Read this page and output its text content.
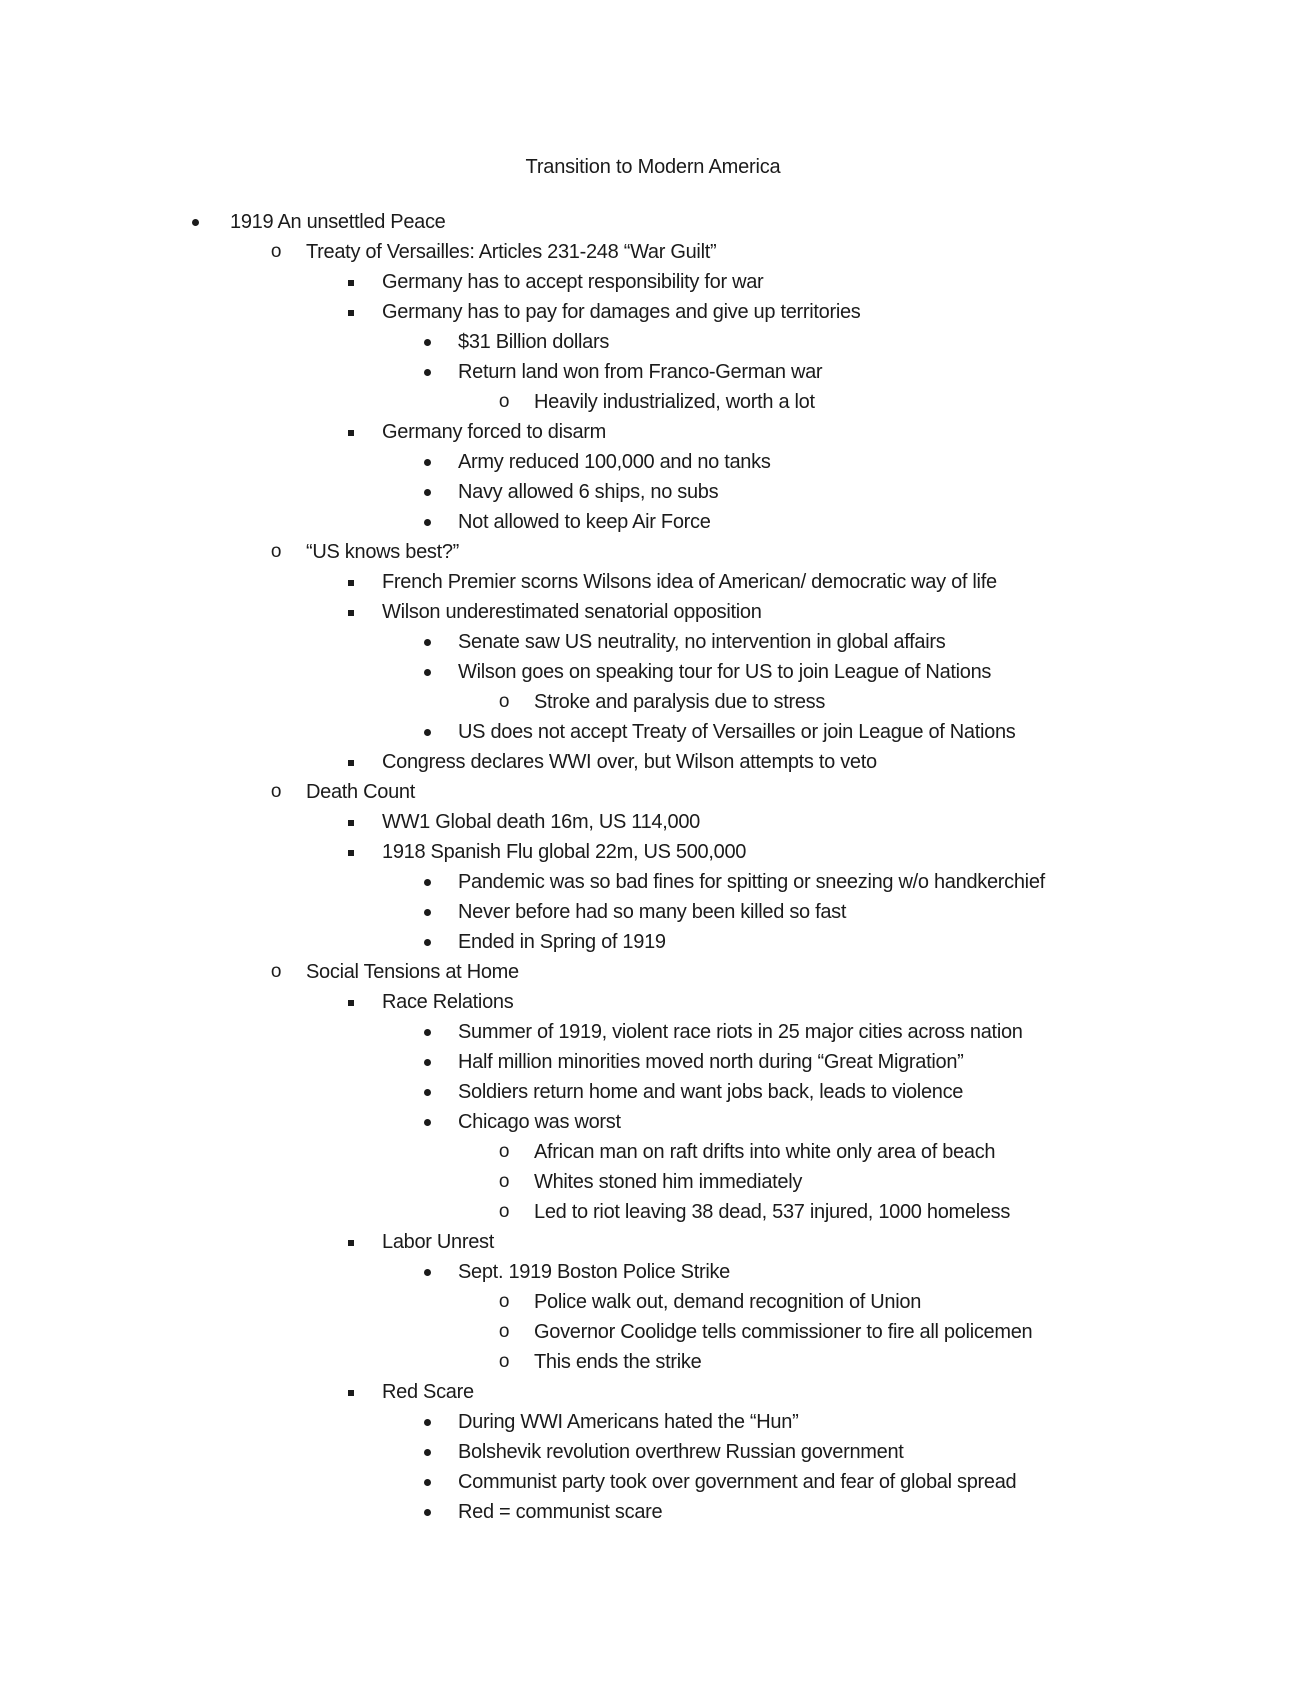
Transition to Modern America
1919 An unsettled Peace
o
Treaty of Versailles: Articles 231-248 “War Guilt”
Germany has to accept responsibility for war
Germany has to pay for damages and give up territories
$31 Billion dollars
Return land won from Franco-German war
o
Heavily industrialized, worth a lot
Germany forced to disarm
Army reduced 100,000 and no tanks
Navy allowed 6 ships, no subs
Not allowed to keep Air Force
o
“US knows best?”
French Premier scorns Wilsons idea of American/ democratic way of life
Wilson underestimated senatorial opposition
Senate saw US neutrality, no intervention in global affairs
Wilson goes on speaking tour for US to join League of Nations
o
Stroke and paralysis due to stress
US does not accept Treaty of Versailles or join League of Nations
Congress declares WWI over, but Wilson attempts to veto
o
Death Count
WW1 Global death 16m, US 114,000
1918 Spanish Flu global 22m, US 500,000
Pandemic was so bad fines for spitting or sneezing w/o handkerchief
Never before had so many been killed so fast
Ended in Spring of 1919
o
Social Tensions at Home
Race Relations
Summer of 1919, violent race riots in 25 major cities across nation
Half million minorities moved north during “Great Migration”
Soldiers return home and want jobs back, leads to violence
Chicago was worst
o
African man on raft drifts into white only area of beach
o
Whites stoned him immediately
o
Led to riot leaving 38 dead, 537 injured, 1000 homeless
Labor Unrest
Sept. 1919 Boston Police Strike
o
Police walk out, demand recognition of Union
o
Governor Coolidge tells commissioner to fire all policemen
o
This ends the strike
Red Scare
During WWI Americans hated the “Hun”
Bolshevik revolution overthrew Russian government
Communist party took over government and fear of global spread
Red = communist scare
